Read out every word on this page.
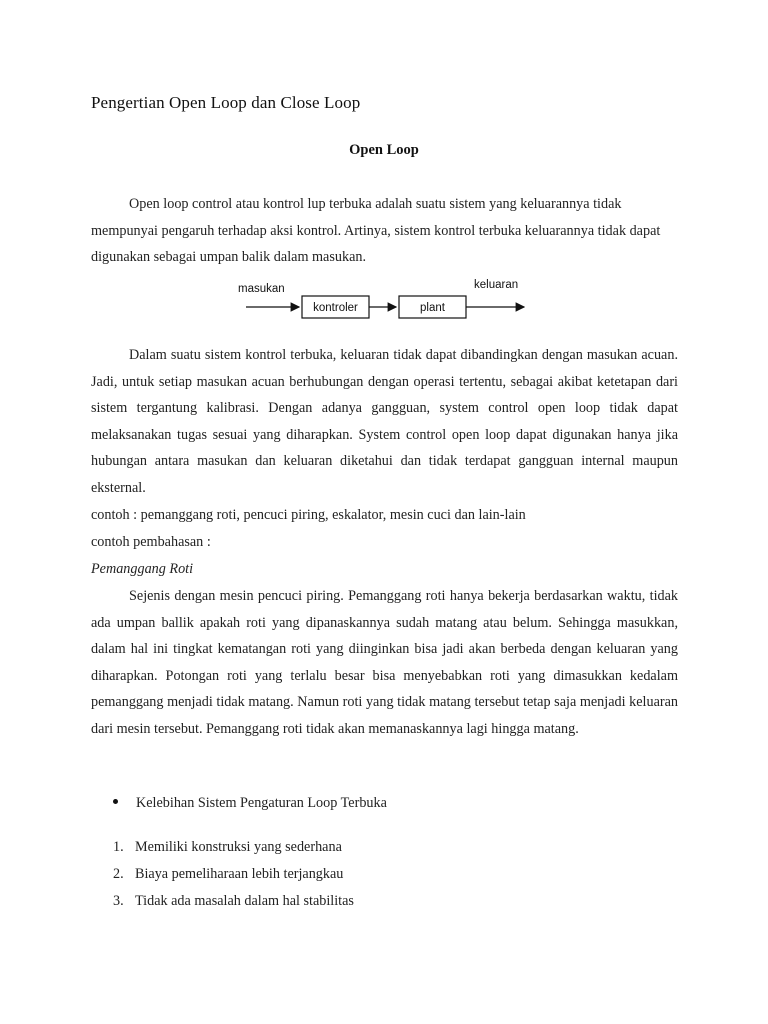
Pengertian Open Loop dan Close Loop
Open Loop

Open loop control atau kontrol lup terbuka adalah suatu sistem yang keluarannya tidak mempunyai pengaruh terhadap aksi kontrol. Artinya, sistem kontrol terbuka keluarannya tidak dapat digunakan sebagai umpan balik dalam masukan.

masukan
kontroler	plant
keluaran

Dalam suatu sistem kontrol terbuka, keluaran tidak dapat dibandingkan dengan masukan acuan. Jadi, untuk setiap masukan acuan berhubungan dengan operasi tertentu, sebagai akibat ketetapan dari sistem tergantung kalibrasi. Dengan adanya gangguan, system control open loop tidak dapat melaksanakan tugas sesuai yang diharapkan. System control open loop dapat digunakan hanya jika hubungan antara masukan dan keluaran diketahui dan tidak terdapat gangguan internal maupun eksternal.

contoh : pemanggang roti, pencuci piring, eskalator, mesin cuci dan lain-lain

contoh pembahasan :

Pemanggang Roti

Sejenis dengan mesin pencuci piring. Pemanggang roti hanya bekerja berdasarkan waktu, tidak ada umpan ballik apakah roti yang dipanaskannya sudah matang atau belum. Sehingga masukkan, dalam hal ini tingkat kematangan roti yang diinginkan bisa jadi akan berbeda dengan keluaran yang diharapkan. Potongan roti yang terlalu besar bisa menyebabkan roti yang dimasukkan kedalam pemanggang menjadi tidak matang. Namun roti yang tidak matang tersebut tetap saja menjadi keluaran dari mesin tersebut. Pemanggang roti tidak akan memanaskannya lagi hingga matang.

Kelebihan Sistem Pengaturan Loop Terbuka
1. Memiliki konstruksi yang sederhana
2. Biaya pemeliharaan lebih terjangkau
3. Tidak ada masalah dalam hal stabilitas
